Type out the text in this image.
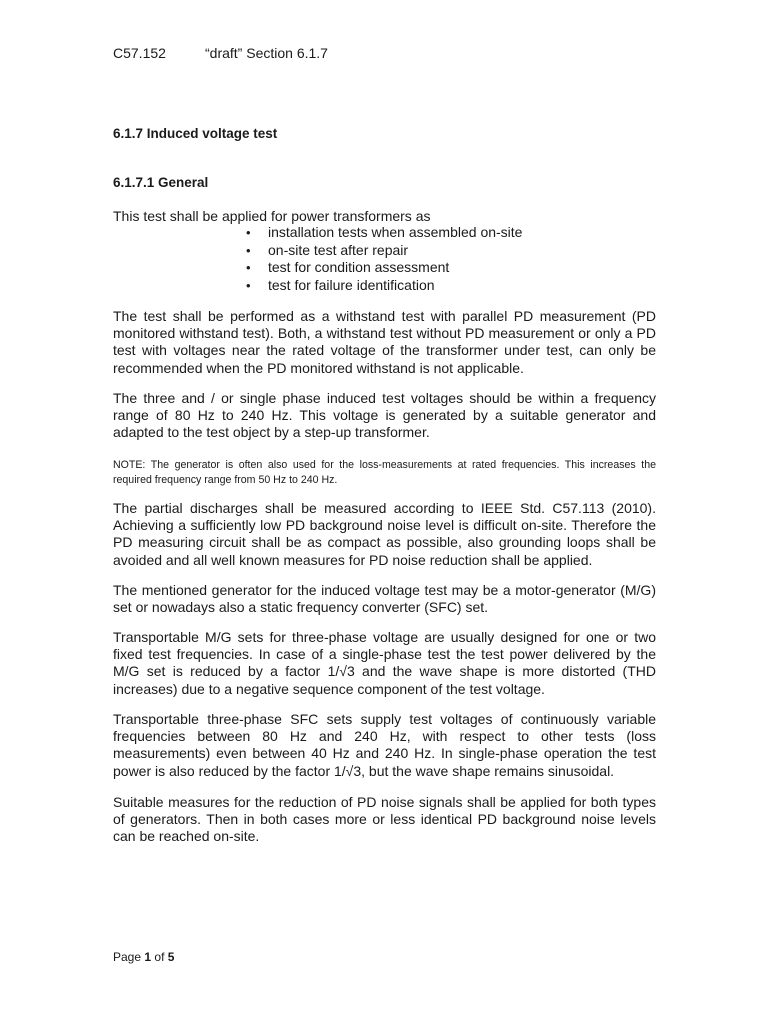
C57.152	“draft” Section 6.1.7
6.1.7 Induced voltage test
6.1.7.1 General
This test shall be applied for power transformers as
• installation tests when assembled on-site
• on-site test after repair
• test for condition assessment
• test for failure identification

The test shall be performed as a withstand test with parallel PD measurement (PD monitored withstand test). Both, a withstand test without PD measurement or only a PD test with voltages near the rated voltage of the transformer under test, can only be recommended when the PD monitored withstand is not applicable.

The three and / or single phase induced test voltages should be within a frequency range of 80 Hz to 240 Hz. This voltage is generated by a suitable generator and adapted to the test object by a step-up transformer.

NOTE: The generator is often also used for the loss-measurements at rated frequencies. This increases the required frequency range from 50 Hz to 240 Hz.

The partial discharges shall be measured according to IEEE Std. C57.113 (2010). Achieving a sufficiently low PD background noise level is difficult on-site. Therefore the PD measuring circuit shall be as compact as possible, also grounding loops shall be avoided and all well known measures for PD noise reduction shall be applied.

The mentioned generator for the induced voltage test may be a motor-generator (M/G) set or nowadays also a static frequency converter (SFC) set.

Transportable M/G sets for three-phase voltage are usually designed for one or two fixed test frequencies. In case of a single-phase test the test power delivered by the M/G set is reduced by a factor 1/√3 and the wave shape is more distorted (THD increases) due to a negative sequence component of the test voltage.

Transportable three-phase SFC sets supply test voltages of continuously variable frequencies between 80 Hz and 240 Hz, with respect to other tests (loss measurements) even between 40 Hz and 240 Hz. In single-phase operation the test power is also reduced by the factor 1/√3, but the wave shape remains sinusoidal.

Suitable measures for the reduction of PD noise signals shall be applied for both types of generators. Then in both cases more or less identical PD background noise levels can be reached on-site.

Page 1 of 5
